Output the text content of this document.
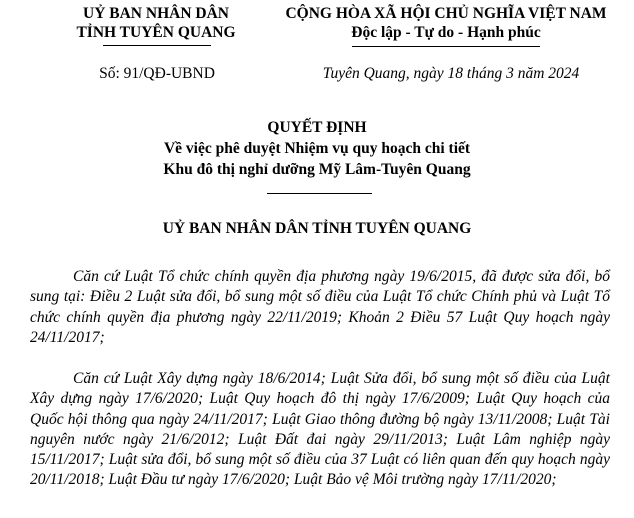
UỶ BAN NHÂN DÂN
TỈNH TUYÊN QUANG
CỘNG HÒA XÃ HỘI CHỦ NGHĨA VIỆT NAM
Độc lập - Tự do - Hạnh phúc
Số: 91/QĐ-UBND	Tuyên Quang, ngày 18 tháng 3 năm 2024
QUYẾT ĐỊNH
Về việc phê duyệt Nhiệm vụ quy hoạch chi tiết
Khu đô thị nghỉ dưỡng Mỹ Lâm-Tuyên Quang
UỶ BAN NHÂN DÂN TỈNH TUYÊN QUANG

Căn cứ Luật Tổ chức chính quyền địa phương ngày 19/6/2015, đã được sửa đổi, bổ sung tại: Điều 2 Luật sửa đổi, bổ sung một số điều của Luật Tổ chức Chính phủ và Luật Tổ chức chính quyền địa phương ngày 22/11/2019; Khoản 2 Điều 57 Luật Quy hoạch ngày 24/11/2017;

Căn cứ Luật Xây dựng ngày 18/6/2014; Luật Sửa đổi, bổ sung một số điều của Luật Xây dựng ngày 17/6/2020; Luật Quy hoạch đô thị ngày 17/6/2009; Luật Quy hoạch của Quốc hội thông qua ngày 24/11/2017; Luật Giao thông đường bộ ngày 13/11/2008; Luật Tài nguyên nước ngày 21/6/2012; Luật Đất đai ngày 29/11/2013; Luật Lâm nghiệp ngày 15/11/2017; Luật sửa đổi, bổ sung một số điều của 37 Luật có liên quan đến quy hoạch ngày 20/11/2018; Luật Đầu tư ngày 17/6/2020; Luật Bảo vệ Môi trường ngày 17/11/2020;
